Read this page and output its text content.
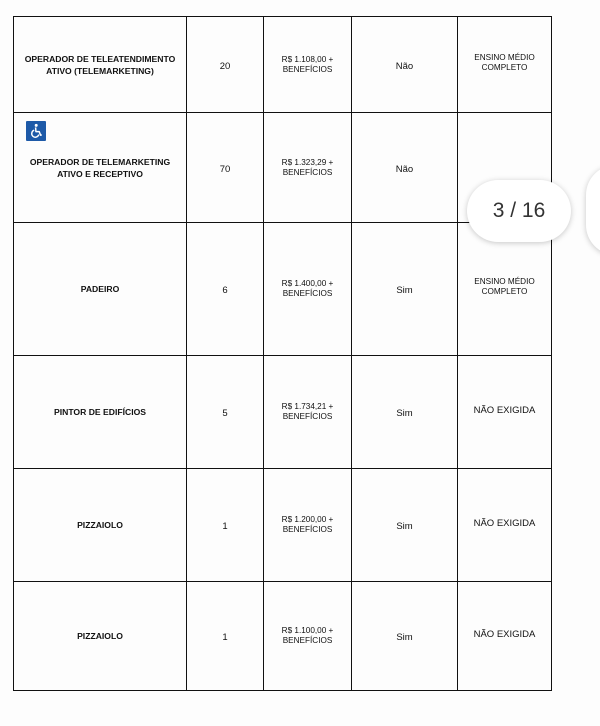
OPERADOR DE TELEATENDIMENTO ATIVO (TELEMARKETING)	20	R$ 1.108,00 +
BENEFÍCIOS	Não	ENSINO MÉDIO COMPLETO

OPERADOR DE TELEMARKETING ATIVO E RECEPTIVO	70	R$ 1.323,29 +
BENEFÍCIOS	Não	

PADEIRO	6	R$ 1.400,00 +
BENEFÍCIOS	Sim	ENSINO MÉDIO COMPLETO

PINTOR DE EDIFÍCIOS	5	R$ 1.734,21 +
BENEFÍCIOS	Sim	NÃO EXIGIDA

PIZZAIOLO	1	R$ 1.200,00 +
BENEFÍCIOS	Sim	NÃO EXIGIDA

PIZZAIOLO	1	R$ 1.100,00 +
BENEFÍCIOS	Sim	NÃO EXIGIDA
3 / 16
